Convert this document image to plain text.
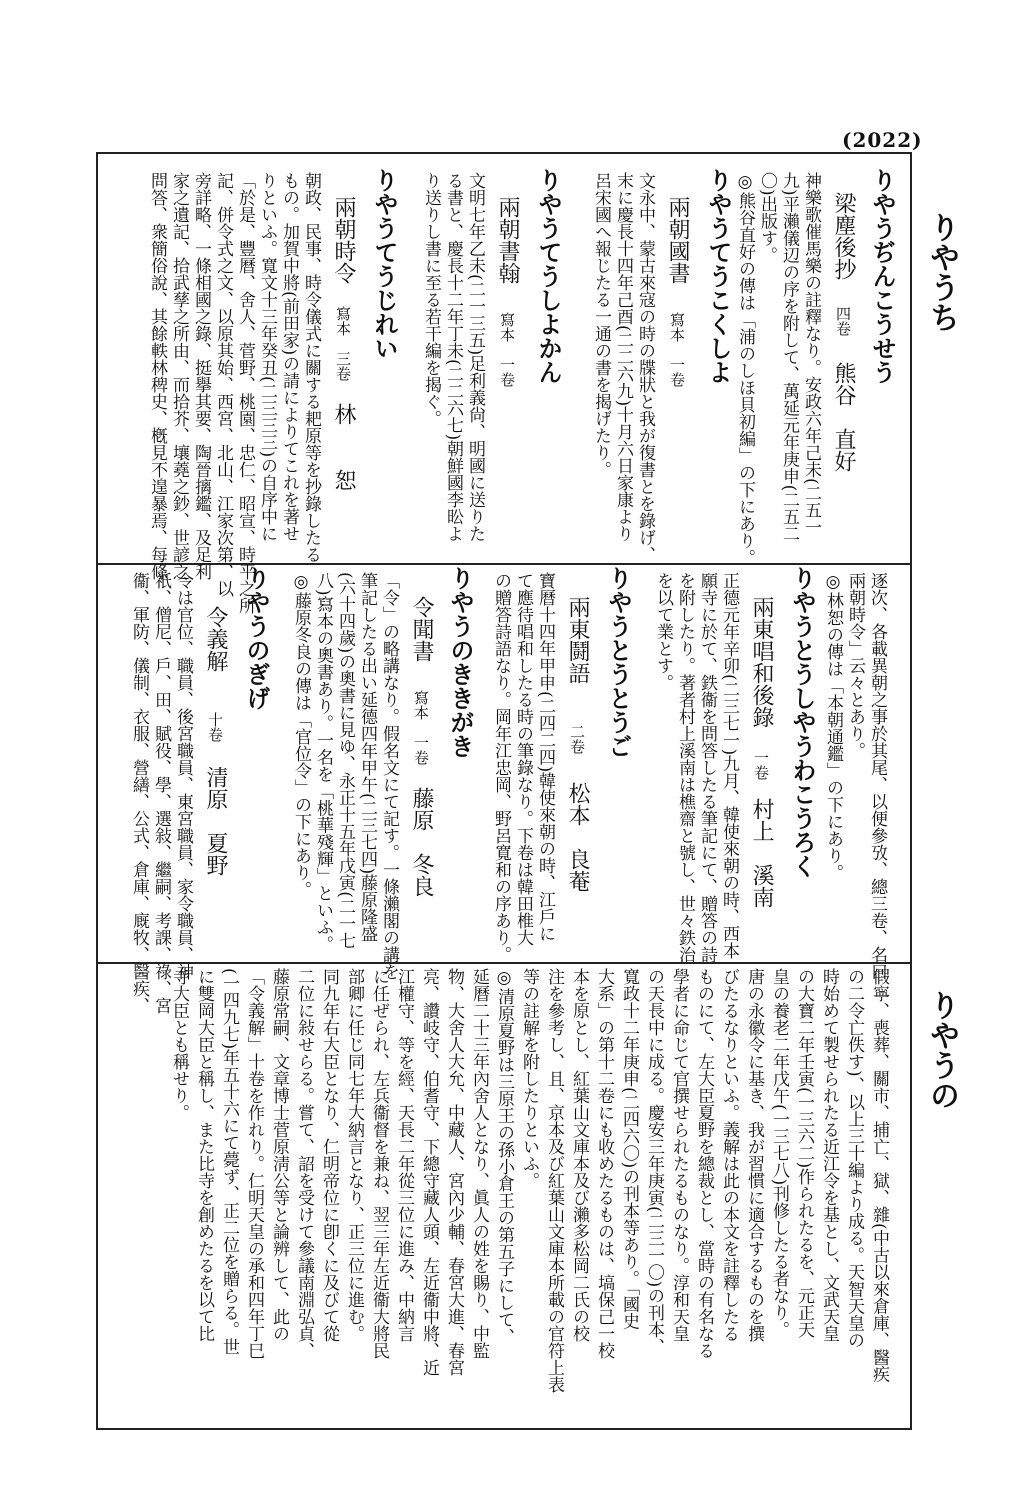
(2022)
りやうち
りやうの
りやうぢんこうせう
梁塵後抄四卷熊谷　直好
神樂歌催馬樂の註釋なり。安政六年己未(二五一
九)平瀨儀辺の序を附して、萬延元年庚申(二五二
〇)出版す。
◎熊谷直好の傳は「浦のしほ貝初編」の下にあり。
りやうてうこくしよ
兩朝國書寫本　一卷
文永中、蒙古來寇の時の牒狀と我が復書とを錄げ、
末に慶長十四年己酉(二二六九)十月六日家康より
呂宋國へ報じたる一通の書を揭げたり。
りやうてうしよかん
兩朝書翰寫本　一卷
文明七年乙未(二一三五)足利義尙、明國に送りた
る書と、慶長十二年丁未(二二六七)朝鮮國李昖よ
り送りし書に至る若干編を揭ぐ。
りやうてうじれい
兩朝時令寫本　三卷林　　恕
朝政、民事、時令儀式に關する耙原等を抄錄したる
もの。加賀中將(前田家)の請によりてこれを著せ
りといふ。寬文十三年癸丑(二三三三)の自序中に
「於是、豐曆、舍人、菅野、桃園、忠仁、昭宣、時平之所
記、併令式之文、以原其始、西宮、北山、江家次第、以
旁詳略、一條相國之錄、挺擧其要、陶晉摛鑑、及足利
家之遺記、拾武孳之所由、而拾芥、壤蕘之鈔、世諺之
問答、衆簡俗說、其餘軼林稗史、槪見不遑暴焉、每條
逐次、各載異朝之事於其尾、以便參攷、總三卷、名曰
兩朝時令」云々とあり。
◎林恕の傳は「本朝通鑑」の下にあり。
りやうとうしやうわこうろく
兩東唱和後錄一卷村上　溪南
正德元年辛卯(二三七一)九月、韓使來朝の時、西本
願寺に於て、鉄衞を問答したる筆記にて、贈答の詩
を附したり。著者村上溪南は樵齋と號し、世々鉄治
を以て業とす。
りやうとうとうご
兩東鬪語二卷松本　良菴
寶曆十四年甲申(二四二四)韓使來朝の時、江戶に
て應待唱和したる時の筆錄なり。下卷は韓田椎大
の贈答詩語なり。岡年江忠岡、野呂寬和の序あり。
りやうのききがき
令聞書寫本　一卷藤原　冬良
「令」の略講なり。假名文にて記す。一條瀨閣の講を
筆記したる出い延德四年甲午(二三七四)藤原隆盛
(六十四歲)の奧書に見ゆ、永正十五年戊寅(二一七
八)寫本の奧書あり。一名を「桃華殘輝」といふ。
◎藤原冬良の傳は「官位令」の下にあり。
りやうのぎげ
令義解十卷清原　夏野
令は官位、職員、後宮職員、東宮職員、家令職員、神
祇、僧尼、戶、田、賦役、學、選敍、繼嗣、考課、祿、宮
衞、軍防、儀制、衣服、營繕、公式、倉庫、廐牧、醫疾、
假寧、喪葬、關市、捕亡、獄、雜(中古以來倉庫、醫疾
の二令亡佚す)、以上三十編より成る。天智天皇の
時始めて製せられたる近江令を基とし、文武天皇
の大寶二年壬寅(一三六二)作られたるを、元正天
皇の養老二年戊午(一三七八)刊修したる者なり。
唐の永徽令に基き、我が習慣に適合するものを撰
びたるなりといふ。義解は此の本文を註釋したる
ものにて、左大臣夏野を總裁とし、當時の有名なる
學者に命じて官撰せられたるものなり。淳和天皇
の天長中に成る。慶安三年庚寅(二三一〇)の刊本、
寬政十二年庚申(二四六〇)の刊本等あり。「國史
大系」の第十二卷にも收めたるものは、塙保己一校
本を原とし、紅葉山文庫本及び瀨多松岡二氏の校
注を參考し、且、京本及び紅葉山文庫本所載の官符上表
等の註解を附したりといふ。
◎清原夏野は三原王の孫小倉王の第五子にして、
延曆二十三年內舍人となり、眞人の姓を賜り、中監
物、大舍人大允、中藏人、宮內少輔、春宮大進、春宮
亮、讚岐守、伯耆守、下總守藏人頭、左近衞中將、近
江權守、等を經、天長二年從三位に進み、中納言
に任ぜられ、左兵衞督を兼ね、翌三年左近衞大將民
部卿に任じ同七年大納言となり、正三位に進む。
同九年右大臣となり、仁明帝位に卽くに及びて從
二位に敍せらる。嘗て、詔を受けて參議南淵弘貞、
藤原常嗣、文章博士菅原淸公等と論辨して、此の
「令義解」十卷を作れり。仁明天皇の承和四年丁巳
(一四九七)年五十六にて薨ず、正二位を贈らる。世
に雙岡大臣と稱し、また比寺を創めたるを以て比
寺大臣とも稱せり。
